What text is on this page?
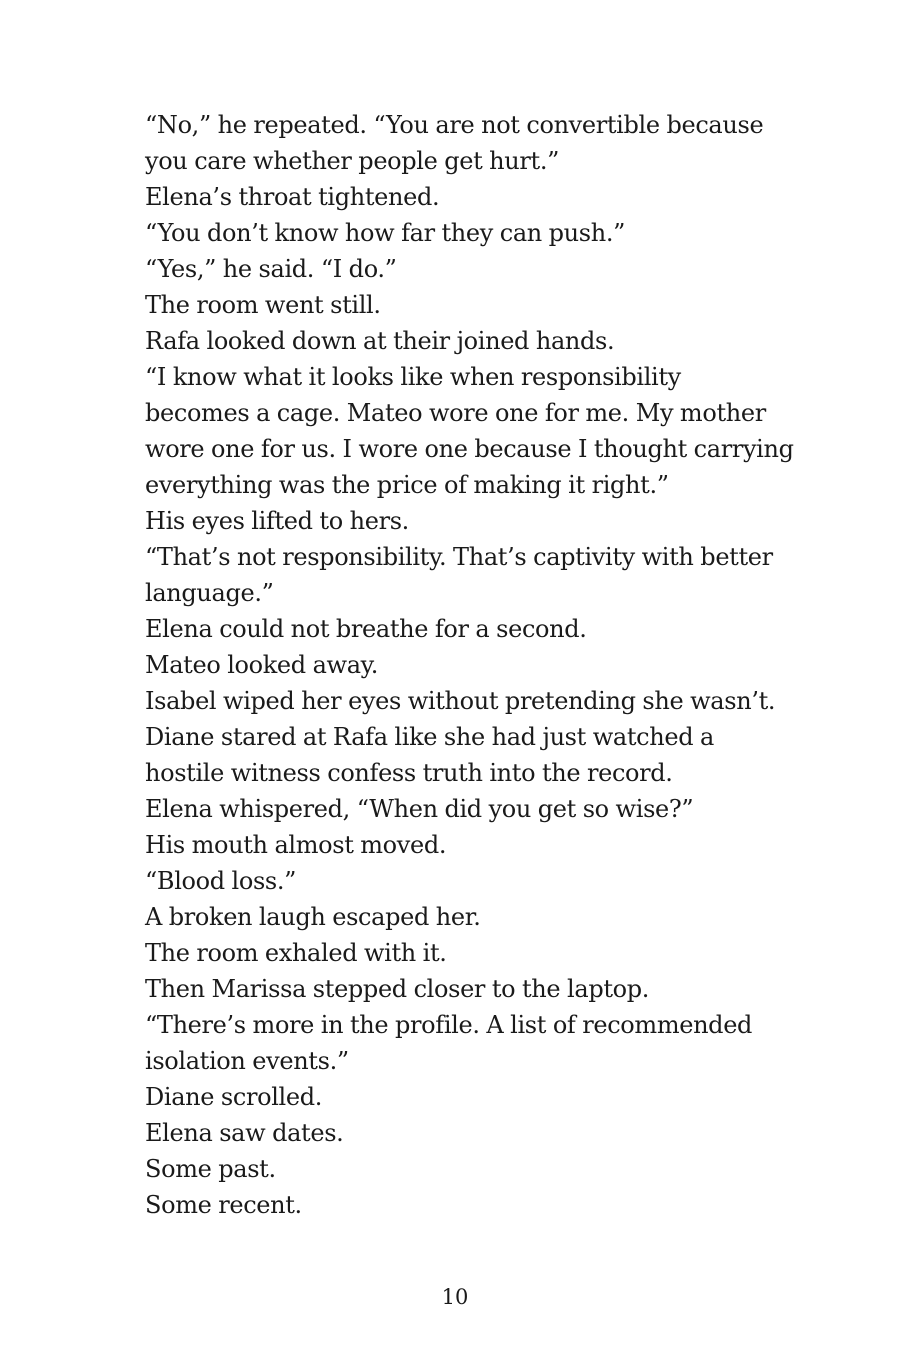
“No,” he repeated. “You are not convertible because
you care whether people get hurt.”

Elena’s throat tightened.

“You don’t know how far they can push.”

“Yes,” he said. “I do.”

The room went still.

Rafa looked down at their joined hands.

“I know what it looks like when responsibility
becomes a cage. Mateo wore one for me. My mother
wore one for us. I wore one because I thought carrying
everything was the price of making it right.”

His eyes lifted to hers.

“That’s not responsibility. That’s captivity with better
language.”

Elena could not breathe for a second.

Mateo looked away.

Isabel wiped her eyes without pretending she wasn’t.

Diane stared at Rafa like she had just watched a
hostile witness confess truth into the record.

Elena whispered, “When did you get so wise?”

His mouth almost moved.

“Blood loss.”

A broken laugh escaped her.

The room exhaled with it.

Then Marissa stepped closer to the laptop.

“There’s more in the profile. A list of recommended
isolation events.”

Diane scrolled.

Elena saw dates.

Some past.

Some recent.

10
